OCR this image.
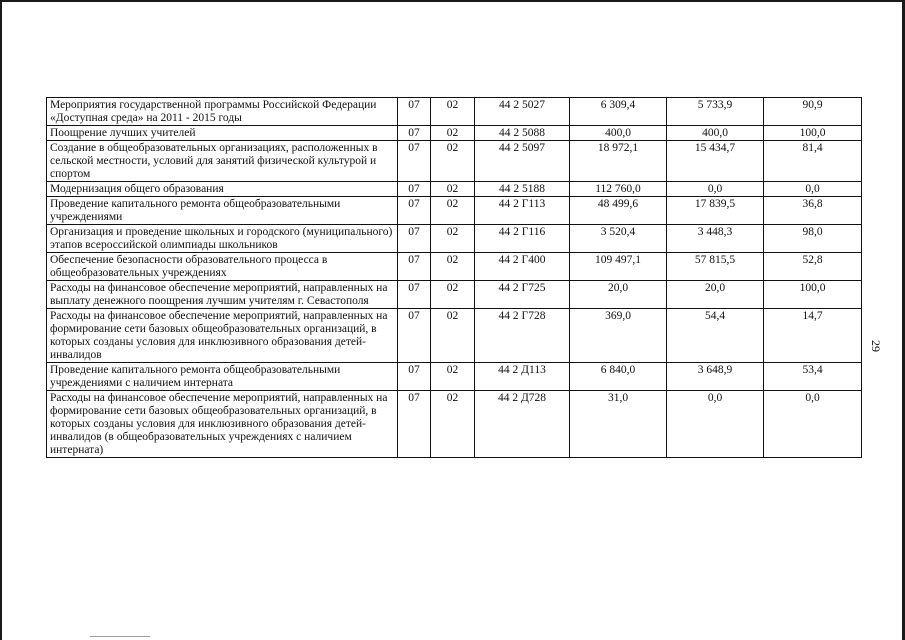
Мероприятия государственной программы Российской Федерации «Доступная среда» на 2011 - 2015 годы	07	02	44 2 5027	6 309,4	5 733,9	90,9
Поощрение лучших учителей	07	02	44 2 5088	400,0	400,0	100,0
Создание в общеобразовательных организациях, расположенных в сельской местности, условий для занятий физической культурой и спортом	07	02	44 2 5097	18 972,1	15 434,7	81,4
Модернизация общего образования	07	02	44 2 5188	112 760,0	0,0	0,0
Проведение капитального ремонта общеобразовательными учреждениями	07	02	44 2 Г113	48 499,6	17 839,5	36,8
Организация и проведение школьных и городского (муниципального) этапов всероссийской олимпиады школьников	07	02	44 2 Г116	3 520,4	3 448,3	98,0
Обеспечение безопасности образовательного процесса в общеобразовательных учреждениях	07	02	44 2 Г400	109 497,1	57 815,5	52,8
Расходы на финансовое обеспечение мероприятий, направленных на выплату денежного поощрения лучшим учителям г. Севастополя	07	02	44 2 Г725	20,0	20,0	100,0
Расходы на финансовое обеспечение мероприятий, направленных на формирование сети базовых общеобразовательных организаций, в которых созданы условия для инклюзивного образования детей-инвалидов	07	02	44 2 Г728	369,0	54,4	14,7
Проведение капитального ремонта общеобразовательными учреждениями с наличием интерната	07	02	44 2 Д113	6 840,0	3 648,9	53,4
Расходы на финансовое обеспечение мероприятий, направленных на формирование сети базовых общеобразовательных организаций, в которых созданы условия для инклюзивного образования детей-инвалидов (в общеобразовательных учреждениях с наличием интерната)	07	02	44 2 Д728	31,0	0,0	0,0
29
